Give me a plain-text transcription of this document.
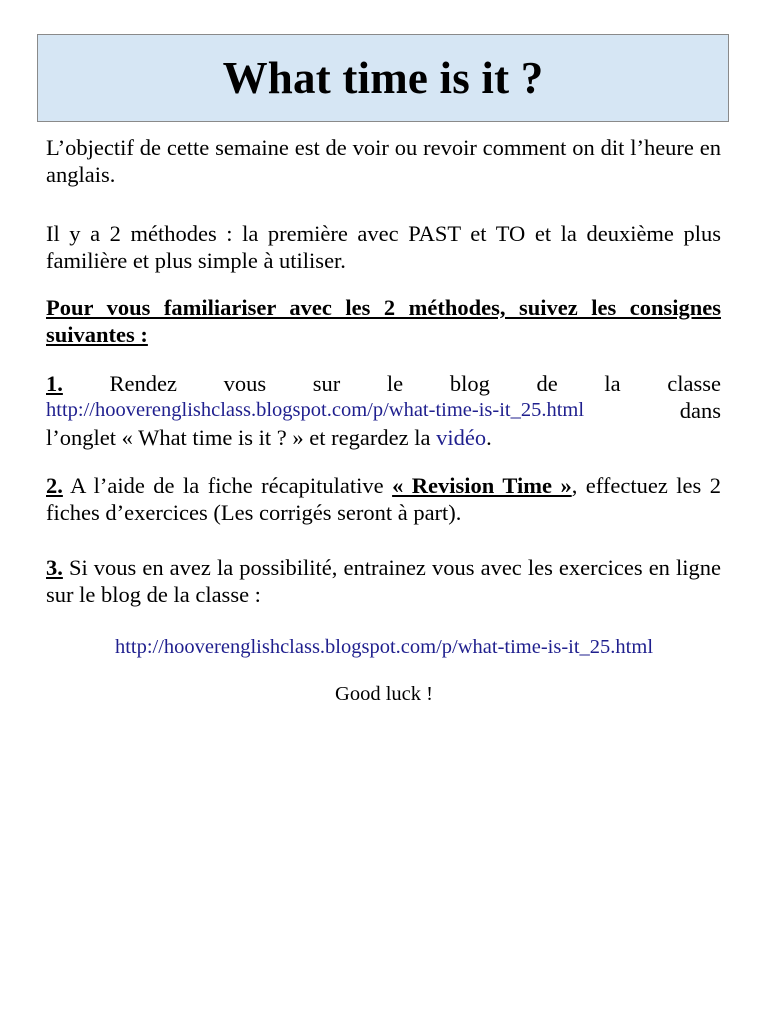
What time is it ?
L’objectif de cette semaine est de voir ou revoir comment on dit l’heure en anglais.
Il y a 2 méthodes : la première avec PAST et TO et la deuxième plus familière et plus simple à utiliser.
Pour vous familiariser avec les 2 méthodes, suivez les consignes suivantes :
1. Rendez vous sur le blog de la classe
http://hooverenglishclass.blogspot.com/p/what-time-is-it_25.html	dans
l’onglet « What time is it ? » et regardez la vidéo.
2. A l’aide de la fiche récapitulative « Revision Time », effectuez les 2 fiches d’exercices (Les corrigés seront à part).
3. Si vous en avez la possibilité, entrainez vous avec les exercices en ligne sur le blog de la classe :
http://hooverenglishclass.blogspot.com/p/what-time-is-it_25.html
Good luck !
